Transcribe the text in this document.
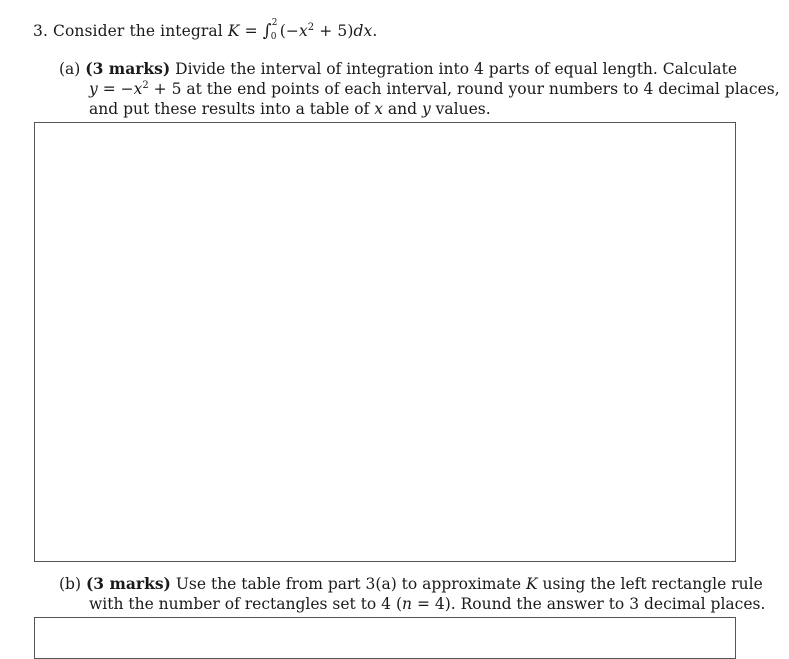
3. Consider the integral K = ∫ 2
0 $(-x^2 + 5)dx$.
(a) (3 marks) Divide the interval of integration into 4 parts of equal length. Calculate
$y = -x^2 + 5$ at the end points of each interval, round your numbers to 4 decimal places,
and put these results into a table of x and y values.
(b) (3 marks) Use the table from part 3(a) to approximate K using the left rectangle rule
with the number of rectangles set to 4 (n = 4). Round the answer to 3 decimal places.
